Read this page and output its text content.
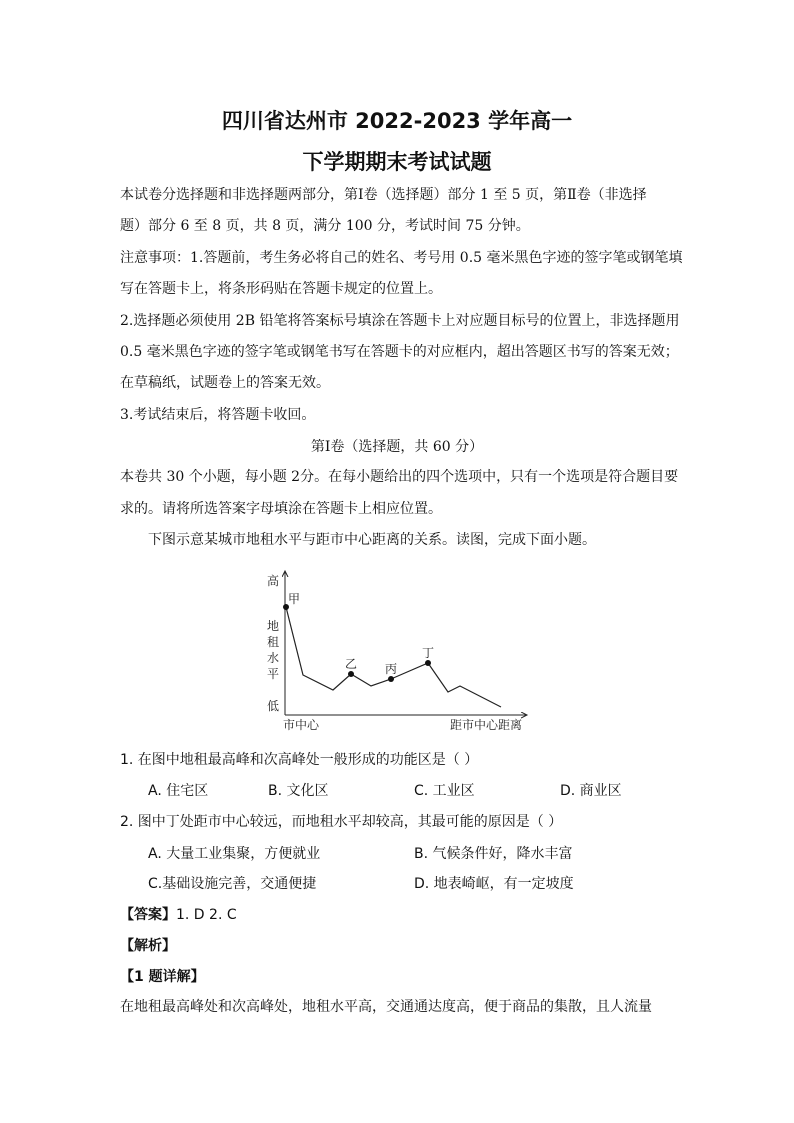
四川省达州市 2022-2023 学年高一
下学期期末考试试题
本试卷分选择题和非选择题两部分，第Ⅰ卷（选择题）部分 1 至 5 页，第Ⅱ卷（非选择
题）部分 6 至 8 页，共 8 页，满分 100 分，考试时间 75 分钟。
注意事项：1.答题前，考生务必将自己的姓名、考号用 0.5 毫米黑色字迹的签字笔或钢笔填
写在答题卡上，将条形码贴在答题卡规定的位置上。
2.选择题必须使用 2B 铅笔将答案标号填涂在答题卡上对应题目标号的位置上，非选择题用
0.5 毫米黑色字迹的签字笔或钢笔书写在答题卡的对应框内，超出答题区书写的答案无效；
在草稿纸，试题卷上的答案无效。
3.考试结束后，将答题卡收回。
第Ⅰ卷（选择题，共 60 分）
本卷共 30 个小题，每小题 2分。在每小题给出的四个选项中，只有一个选项是符合题目要
求的。请将所选答案字母填涂在答题卡上相应位置。
下图示意某城市地租水平与距市中心距离的关系。读图，完成下面小题。
甲
乙 丙
丁
高
地
租
水
平
低
市中心	距市中心距离
1. 在图中地租最高峰和次高峰处一般形成的功能区是（ ）
A. 住宅区	B. 文化区	C. 工业区	D. 商业区
2. 图中丁处距市中心较远，而地租水平却较高，其最可能的原因是（ ）
A. 大量工业集聚，方便就业	B. 气候条件好，降水丰富
C.基础设施完善，交通便捷	D. 地表崎岖，有一定坡度
【答案】1. D 2. C
【解析】
【1 题详解】
在地租最高峰处和次高峰处，地租水平高，交通通达度高，便于商品的集散，且人流量
